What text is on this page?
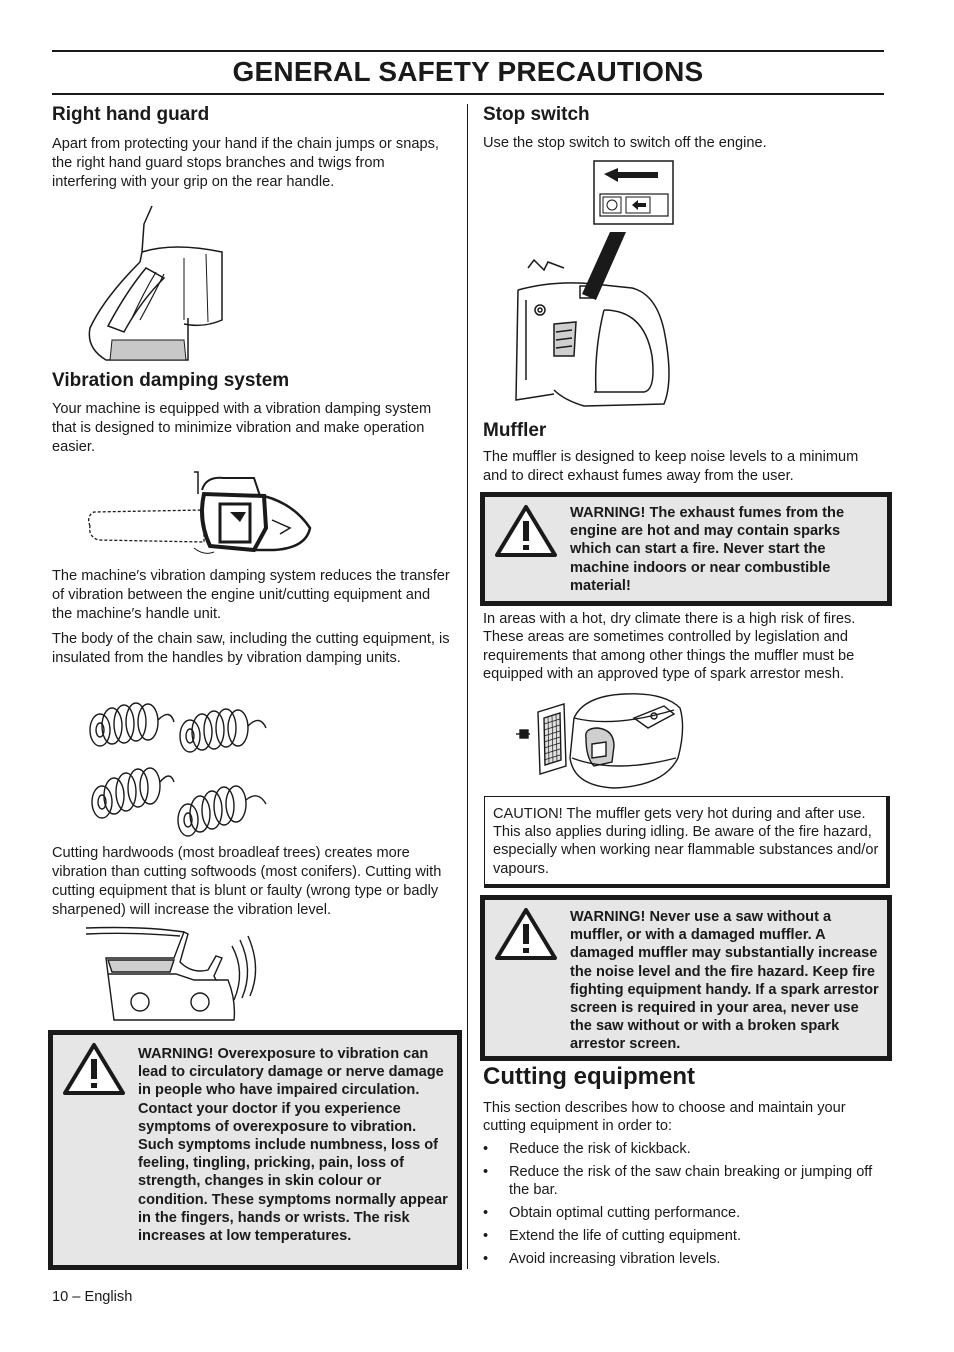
GENERAL SAFETY PRECAUTIONS
Right hand guard

Apart from protecting your hand if the chain jumps or snaps, the right hand guard stops branches and twigs from interfering with your grip on the rear handle.

Vibration damping system

Your machine is equipped with a vibration damping system that is designed to minimize vibration and make operation easier.

The machine′s vibration damping system reduces the transfer of vibration between the engine unit/cutting equipment and the machine′s handle unit.

The body of the chain saw, including the cutting equipment, is insulated from the handles by vibration damping units.

Cutting hardwoods (most broadleaf trees) creates more vibration than cutting softwoods (most conifers). Cutting with cutting equipment that is blunt or faulty (wrong type or badly sharpened) will increase the vibration level.

WARNING! Overexposure to vibration can lead to circulatory damage or nerve damage in people who have impaired circulation. Contact your doctor if you experience symptoms of overexposure to vibration. Such symptoms include numbness, loss of feeling, tingling, pricking, pain, loss of strength, changes in skin colour or condition. These symptoms normally appear in the fingers, hands or wrists. The risk increases at low temperatures.
Stop switch

Use the stop switch to switch off the engine.

Muffler

The muffler is designed to keep noise levels to a minimum and to direct exhaust fumes away from the user.

WARNING! The exhaust fumes from the engine are hot and may contain sparks which can start a fire. Never start the machine indoors or near combustible material!

In areas with a hot, dry climate there is a high risk of fires. These areas are sometimes controlled by legislation and requirements that among other things the muffler must be equipped with an approved type of spark arrestor mesh.

CAUTION! The muffler gets very hot during and after use. This also applies during idling. Be aware of the fire hazard, especially when working near flammable substances and/or vapours.

WARNING! Never use a saw without a muffler, or with a damaged muffler. A damaged muffler may substantially increase the noise level and the fire hazard. Keep fire fighting equipment handy. If a spark arrestor screen is required in your area, never use the saw without or with a broken spark arrestor screen.
Cutting equipment

This section describes how to choose and maintain your cutting equipment in order to:

• Reduce the risk of kickback.
• Reduce the risk of the saw chain breaking or jumping off the bar.
• Obtain optimal cutting performance.
• Extend the life of cutting equipment.
• Avoid increasing vibration levels.
10 – English
